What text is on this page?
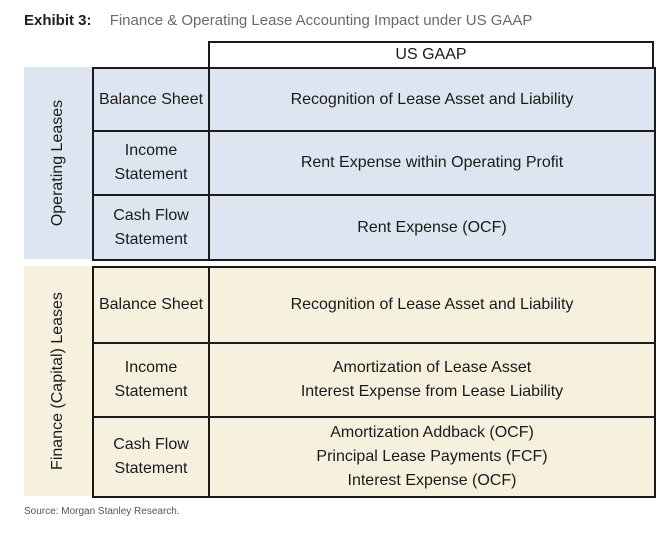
Exhibit 3: Finance & Operating Lease Accounting Impact under US GAAP
US GAAP
Operating Leases
Finance (Capital) Leases
Balance Sheet	Recognition of Lease Asset and Liability

Income
Statement	Rent Expense within Operating Profit

Cash Flow
Statement	Rent Expense (OCF)
Balance Sheet	Recognition of Lease Asset and Liability

Income
Statement	Amortization of Lease Asset
Interest Expense from Lease Liability

Cash Flow
Statement	Amortization Addback (OCF)
Principal Lease Payments (FCF)
Interest Expense (OCF)
Source: Morgan Stanley Research.
